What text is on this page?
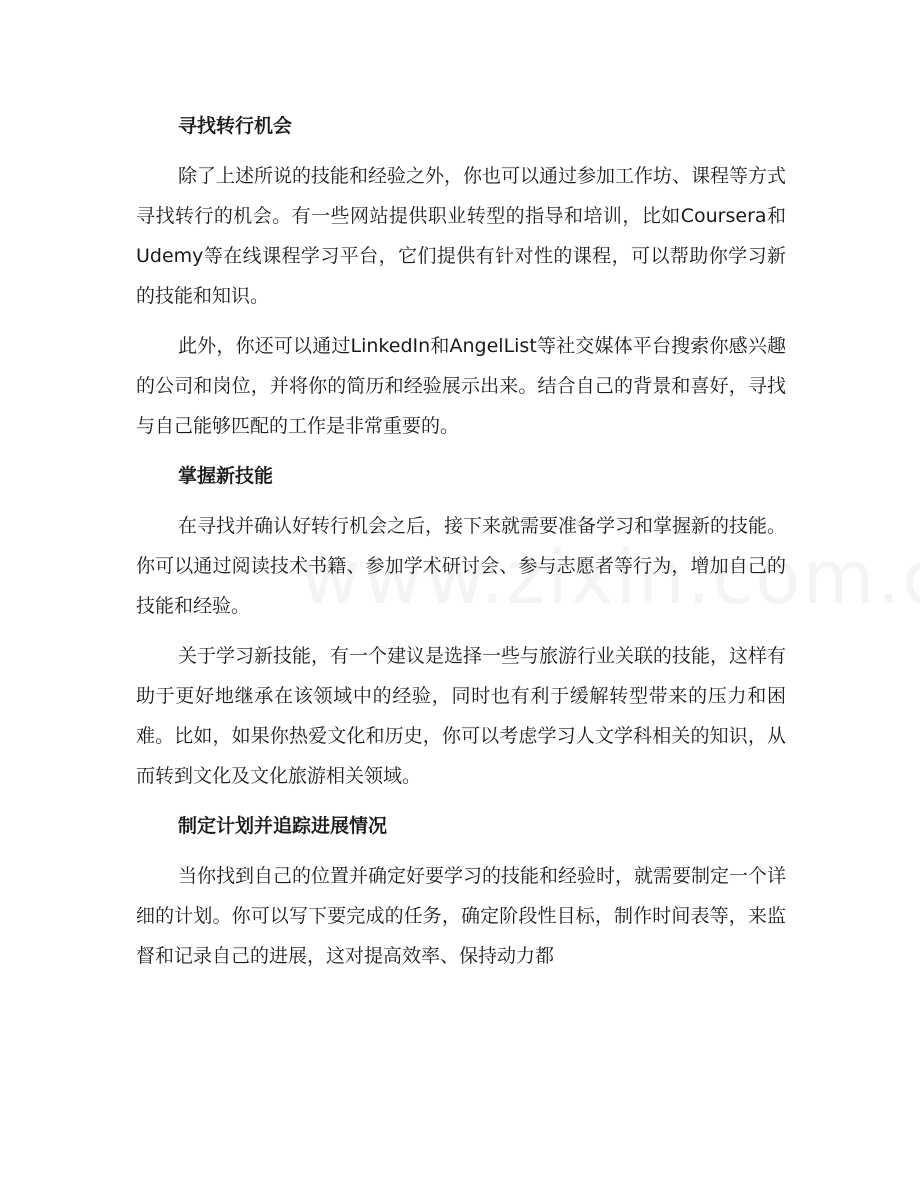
寻找转行机会

除了上述所说的技能和经验之外，你也可以通过参加工作坊、课程等方式寻找转行的机会。有一些网站提供职业转型的指导和培训，比如Coursera和Udemy等在线课程学习平台，它们提供有针对性的课程，可以帮助你学习新的技能和知识。

此外，你还可以通过LinkedIn和AngelList等社交媒体平台搜索你感兴趣的公司和岗位，并将你的简历和经验展示出来。结合自己的背景和喜好，寻找与自己能够匹配的工作是非常重要的。

掌握新技能

在寻找并确认好转行机会之后，接下来就需要准备学习和掌握新的技能。你可以通过阅读技术书籍、参加学术研讨会、参与志愿者等行为，增加自己的技能和经验。

关于学习新技能，有一个建议是选择一些与旅游行业关联的技能，这样有助于更好地继承在该领域中的经验，同时也有利于缓解转型带来的压力和困难。比如，如果你热爱文化和历史，你可以考虑学习人文学科相关的知识，从而转到文化及文化旅游相关领域。

制定计划并追踪进展情况

当你找到自己的位置并确定好要学习的技能和经验时，就需要制定一个详细的计划。你可以写下要完成的任务，确定阶段性目标，制作时间表等，来监督和记录自己的进展，这对提高效率、保持动力都
